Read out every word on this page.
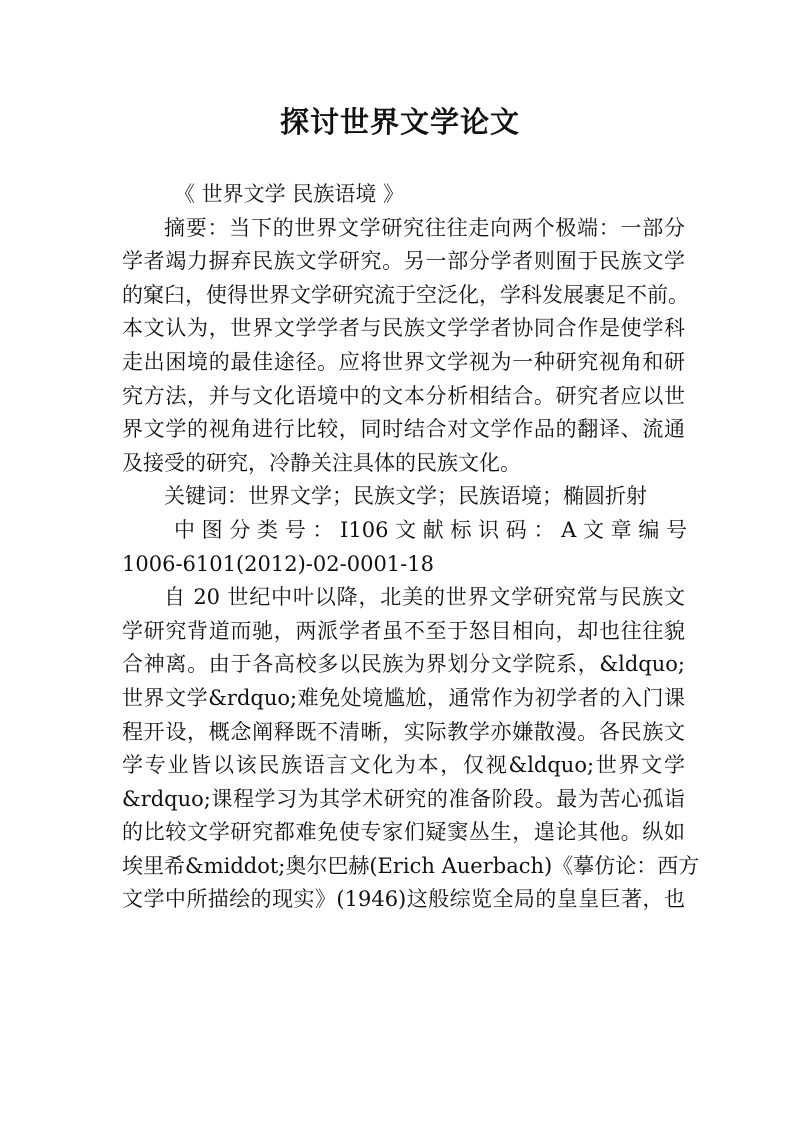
探讨世界文学论文
《 世界文学 民族语境 》
摘要：当下的世界文学研究往往走向两个极端：一部分
学者竭力摒弃民族文学研究。另一部分学者则囿于民族文学
的窠臼，使得世界文学研究流于空泛化，学科发展裹足不前。
本文认为，世界文学学者与民族文学学者协同合作是使学科
走出困境的最佳途径。应将世界文学视为一种研究视角和研
究方法，并与文化语境中的文本分析相结合。研究者应以世
界文学的视角进行比较，同时结合对文学作品的翻译、流通
及接受的研究，冷静关注具体的民族文化。
关键词：世界文学；民族文学；民族语境；椭圆折射
中 图 分 类 号 ： I106 文 献 标 识 码 ： A 文 章 编 号
1006-6101(2012)-02-0001-18
自 20 世纪中叶以降，北美的世界文学研究常与民族文
学研究背道而驰，两派学者虽不至于怒目相向，却也往往貌
合神离。由于各高校多以民族为界划分文学院系，&ldquo;
世界文学&rdquo;难免处境尴尬，通常作为初学者的入门课
程开设，概念阐释既不清晰，实际教学亦嫌散漫。各民族文
学专业皆以该民族语言文化为本，仅视&ldquo;世界文学
&rdquo;课程学习为其学术研究的准备阶段。最为苦心孤诣
的比较文学研究都难免使专家们疑窦丛生，遑论其他。纵如
埃里希&middot;奥尔巴赫(Erich Auerbach)《摹仿论：西方
文学中所描绘的现实》(1946)这般综览全局的皇皇巨著，也
